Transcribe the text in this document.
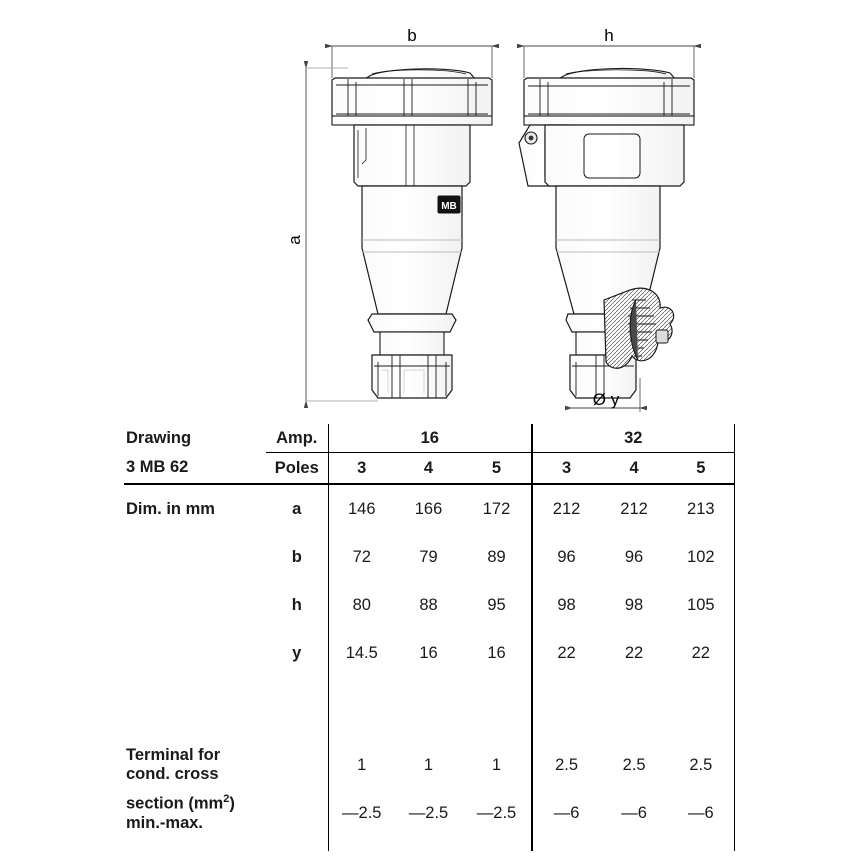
b
a
MB
h
Ø y
Drawing	Amp.	16			32		
3 MB 62	Poles	3	4	5	3	4	5
Dim. in mm	a	146	166	172	212	212	213
	b	72	79	89	96	96	102
	h	80	88	95	98	98	105
	y	14.5	16	16	22	22	22

Terminal for cond. cross		1	1	1	2.5	2.5	2.5
section $(mm^2)$ min.-max.		—2.5	—2.5	—2.5	—6	—6	—6
